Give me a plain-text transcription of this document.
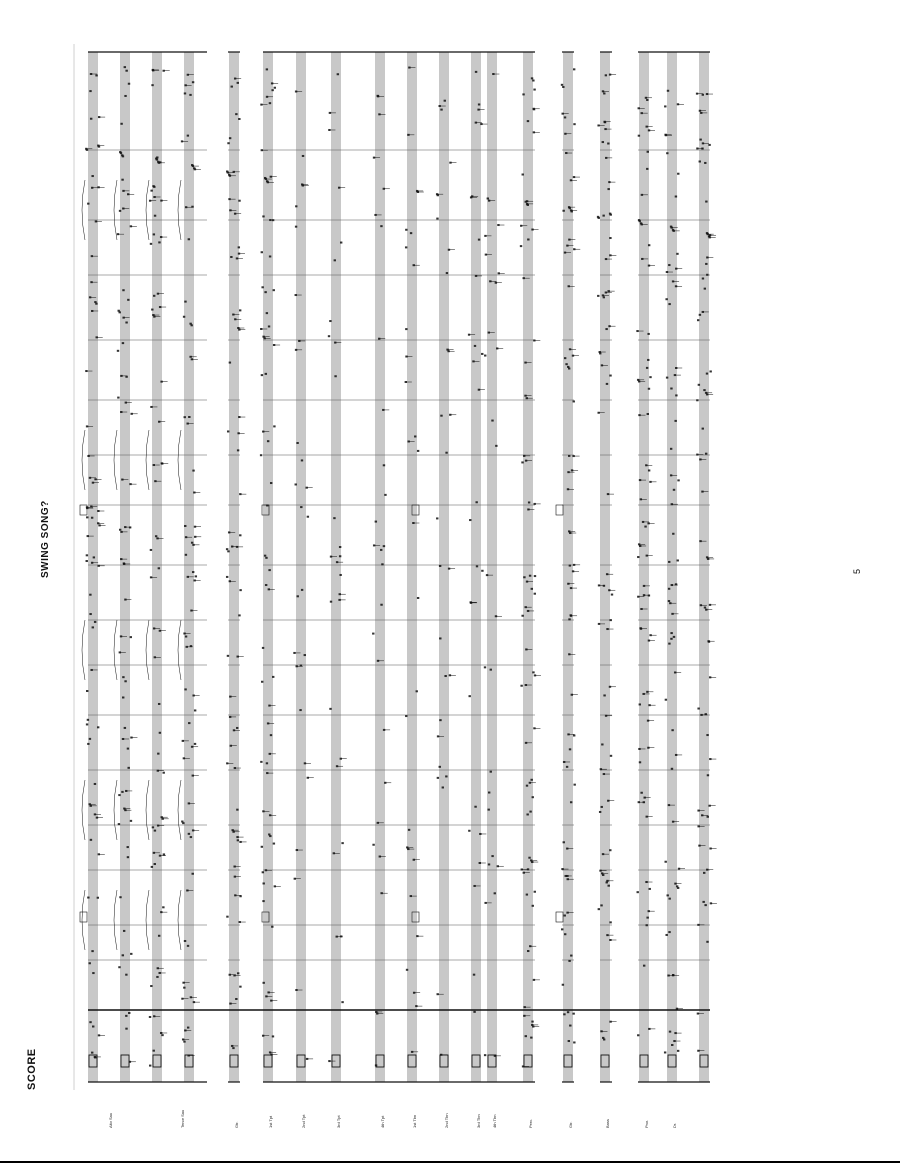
SCORE
SWING SONG?	5
Alto Sax	Tenor Sax	Gtr.	1st Tpt	2nd Tpt	3rd Tpt	4th Tpt	1st Tbn	2nd Tbn	3rd Tbn	4th Tbn	Perc.	Gtr.	Bass	Pno.	Dr.
